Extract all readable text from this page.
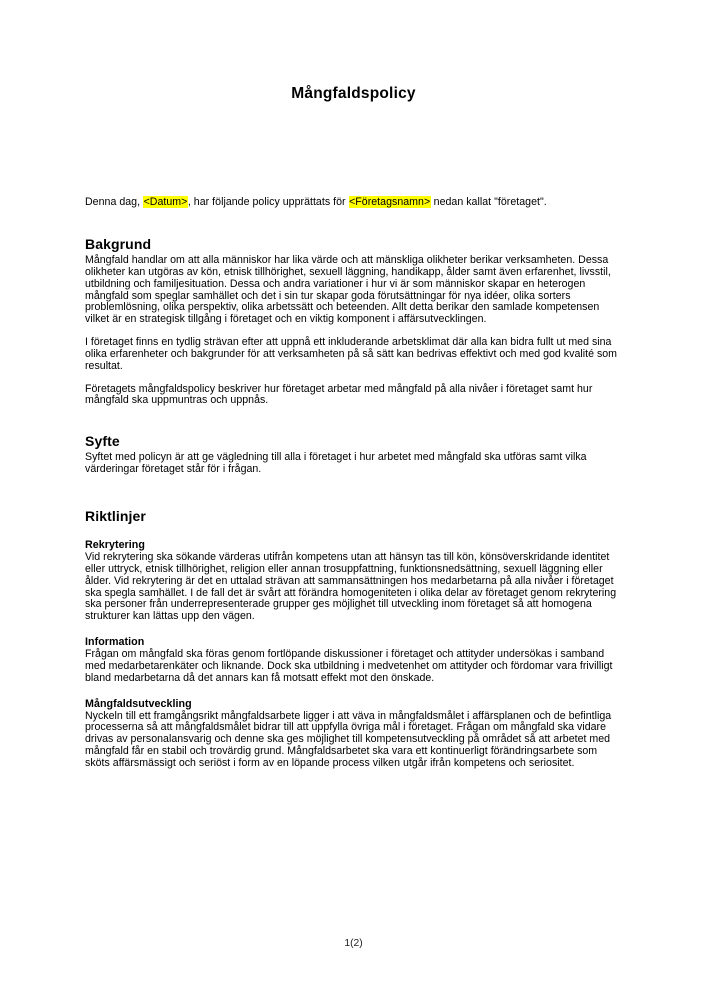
Mångfaldspolicy

Denna dag, <Datum>, har följande policy upprättats för <Företagsnamn> nedan kallat "företaget".

Bakgrund

Mångfald handlar om att alla människor har lika värde och att mänskliga olikheter berikar verksamheten. Dessa olikheter kan utgöras av kön, etnisk tillhörighet, sexuell läggning, handikapp, ålder samt även erfarenhet, livsstil, utbildning och familjesituation. Dessa och andra variationer i hur vi är som människor skapar en heterogen mångfald som speglar samhället och det i sin tur skapar goda förutsättningar för nya idéer, olika sorters problemlösning, olika perspektiv, olika arbetssätt och beteenden. Allt detta berikar den samlade kompetensen vilket är en strategisk tillgång i företaget och en viktig komponent i affärsutvecklingen.

I företaget finns en tydlig strävan efter att uppnå ett inkluderande arbetsklimat där alla kan bidra fullt ut med sina olika erfarenheter och bakgrunder för att verksamheten på så sätt kan bedrivas effektivt och med god kvalité som resultat.

Företagets mångfaldspolicy beskriver hur företaget arbetar med mångfald på alla nivåer i företaget samt hur mångfald ska uppmuntras och uppnås.

Syfte

Syftet med policyn är att ge vägledning till alla i företaget i hur arbetet med mångfald ska utföras samt vilka värderingar företaget står för i frågan.

Riktlinjer
Rekrytering

Vid rekrytering ska sökande värderas utifrån kompetens utan att hänsyn tas till kön, könsöverskridande identitet eller uttryck, etnisk tillhörighet, religion eller annan trosuppfattning, funktionsnedsättning, sexuell läggning eller ålder. Vid rekrytering är det en uttalad strävan att sammansättningen hos medarbetarna på alla nivåer i företaget ska spegla samhället. I de fall det är svårt att förändra homogeniteten i olika delar av företaget genom rekrytering ska personer från underrepresenterade grupper ges möjlighet till utveckling inom företaget så att homogena strukturer kan lättas upp den vägen.

Information

Frågan om mångfald ska föras genom fortlöpande diskussioner i företaget och attityder undersökas i samband med medarbetarenkäter och liknande. Dock ska utbildning i medvetenhet om attityder och fördomar vara frivilligt bland medarbetarna då det annars kan få motsatt effekt mot den önskade.

Mångfaldsutveckling

Nyckeln till ett framgångsrikt mångfaldsarbete ligger i att väva in mångfaldsmålet i affärsplanen och de befintliga processerna så att mångfaldsmålet bidrar till att uppfylla övriga mål i företaget. Frågan om mångfald ska vidare drivas av personalansvarig och denne ska ges möjlighet till kompetensutveckling på området så att arbetet med mångfald får en stabil och trovärdig grund. Mångfaldsarbetet ska vara ett kontinuerligt förändringsarbete som sköts affärsmässigt och seriöst i form av en löpande process vilken utgår ifrån kompetens och seriositet.

1(2)
